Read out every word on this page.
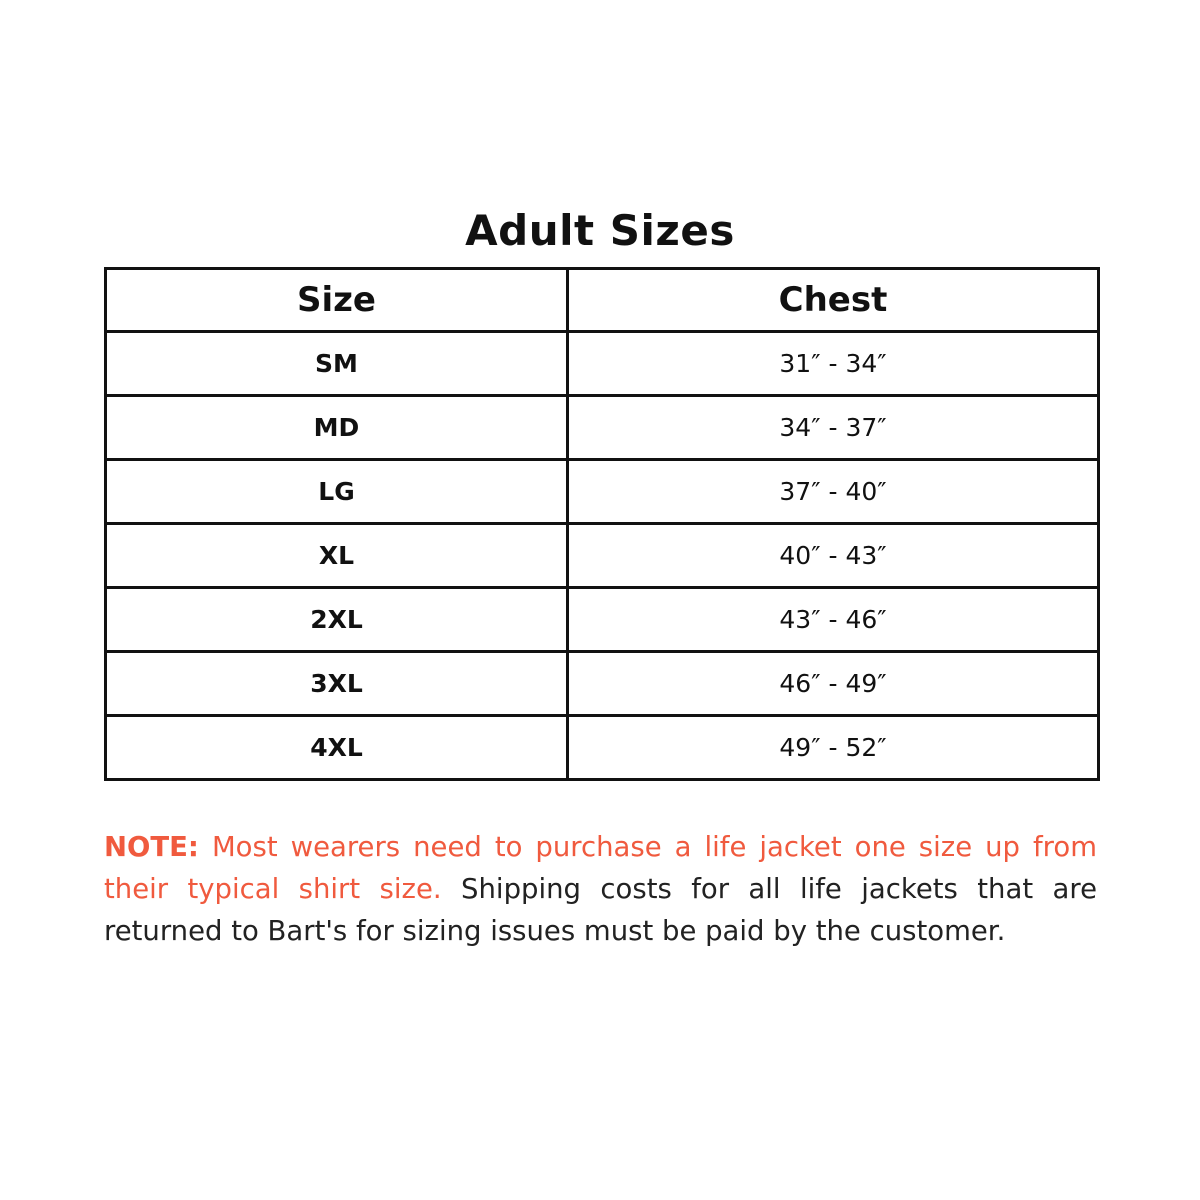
Adult Sizes
Size	Chest
SM	31″ - 34″
MD	34″ - 37″
LG	37″ - 40″
XL	40″ - 43″
2XL	43″ - 46″
3XL	46″ - 49″
4XL	49″ - 52″

NOTE: Most wearers need to purchase a life jacket one size up from their typical shirt size. Shipping costs for all life jackets that are returned to Bart's for sizing issues must be paid by the customer.
